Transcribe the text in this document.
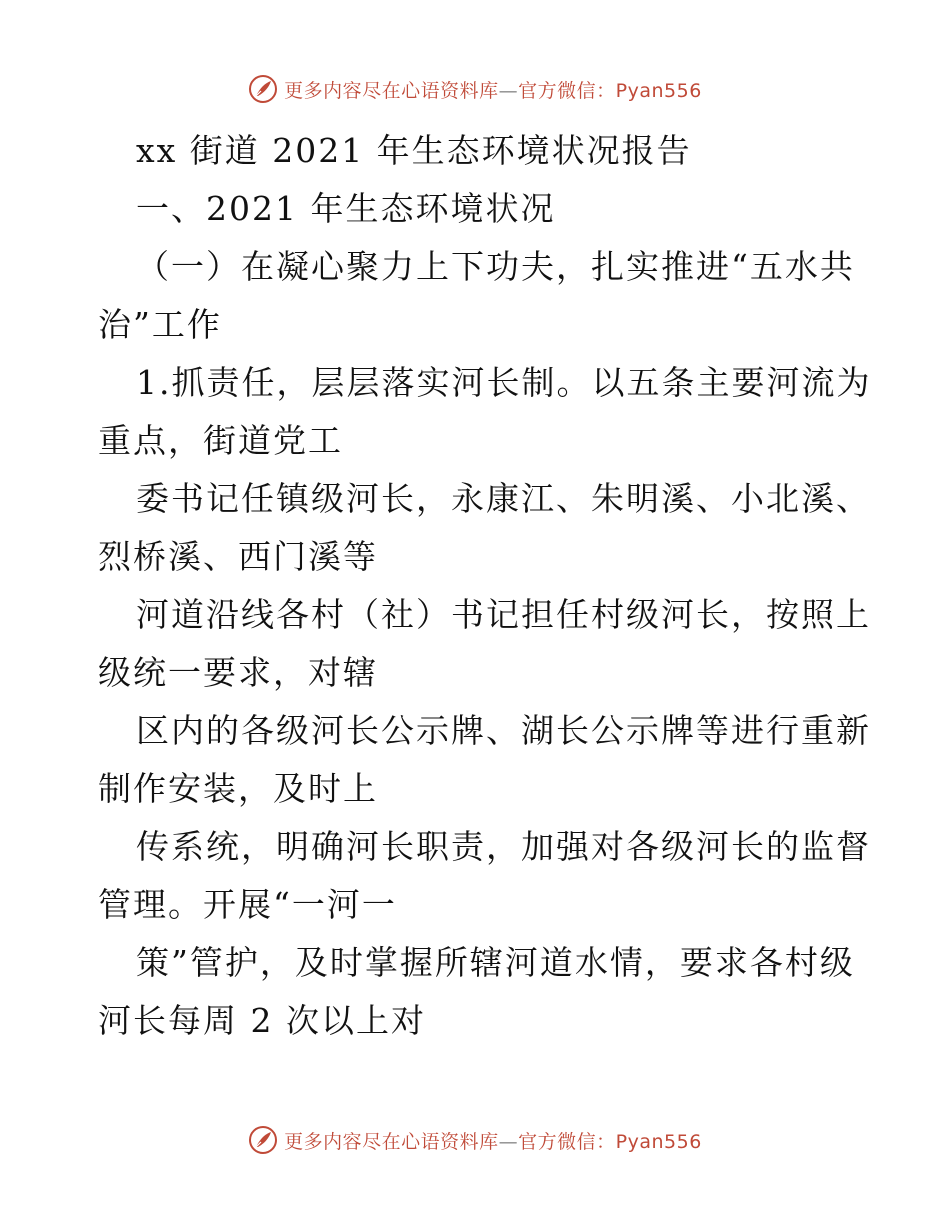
更多内容尽在心语资料库—官方微信：Pyan556
xx 街道 2021 年生态环境状况报告
一、2021 年生态环境状况
（一）在凝心聚力上下功夫，扎实推进“五水共
治”工作
1.抓责任，层层落实河长制。以五条主要河流为
重点，街道党工
委书记任镇级河长，永康江、朱明溪、小北溪、
烈桥溪、西门溪等
河道沿线各村（社）书记担任村级河长，按照上
级统一要求，对辖
区内的各级河长公示牌、湖长公示牌等进行重新
制作安装，及时上
传系统，明确河长职责，加强对各级河长的监督
管理。开展“一河一
策”管护，及时掌握所辖河道水情，要求各村级
河长每周 2 次以上对
更多内容尽在心语资料库—官方微信：Pyan556
